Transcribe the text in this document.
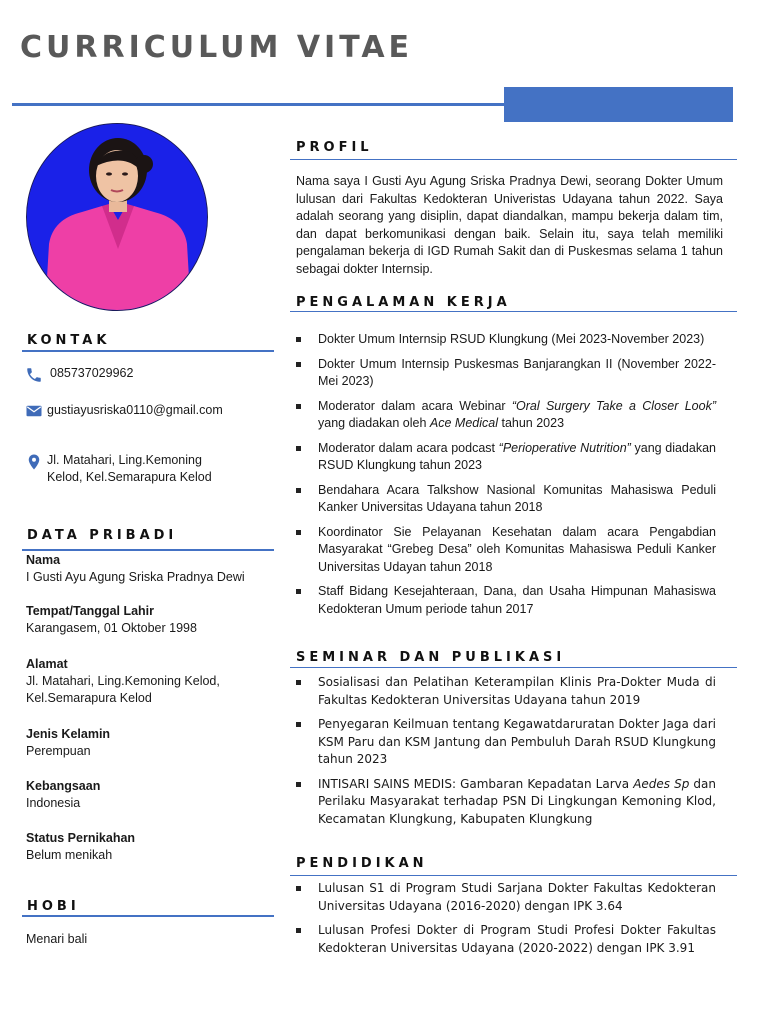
CURRICULUM VITAE
KONTAK
085737029962
gustiayusriska0110@gmail.com
Jl. Matahari, Ling.Kemoning
Kelod, Kel.Semarapura Kelod
DATA PRIBADI
Nama
I Gusti Ayu Agung Sriska Pradnya Dewi
Tempat/Tanggal Lahir
Karangasem, 01 Oktober 1998
Alamat
Jl. Matahari, Ling.Kemoning Kelod,
Kel.Semarapura Kelod
Jenis Kelamin
Perempuan
Kebangsaan
Indonesia
Status Pernikahan
Belum menikah
HOBI
Menari bali
PROFIL

Nama saya I Gusti Ayu Agung Sriska Pradnya Dewi, seorang Dokter Umum lulusan dari Fakultas Kedokteran Univeristas Udayana tahun 2022. Saya adalah seorang yang disiplin, dapat diandalkan, mampu bekerja dalam tim, dan dapat berkomunikasi dengan baik. Selain itu, saya telah memiliki pengalaman bekerja di IGD Rumah Sakit dan di Puskesmas selama 1 tahun sebagai dokter Internsip.

PENGALAMAN KERJA
Dokter Umum Internsip RSUD Klungkung (Mei 2023-November 2023)
Dokter Umum Internsip Puskesmas Banjarangkan II (November 2022-Mei 2023)
Moderator dalam acara Webinar “Oral Surgery Take a Closer Look” yang diadakan oleh Ace Medical tahun 2023
Moderator dalam acara podcast “Perioperative Nutrition” yang diadakan RSUD Klungkung tahun 2023
Bendahara Acara Talkshow Nasional Komunitas Mahasiswa Peduli Kanker Universitas Udayana tahun 2018
Koordinator Sie Pelayanan Kesehatan dalam acara Pengabdian Masyarakat “Grebeg Desa” oleh Komunitas Mahasiswa Peduli Kanker Universitas Udayan tahun 2018
Staff Bidang Kesejahteraan, Dana, dan Usaha Himpunan Mahasiswa Kedokteran Umum periode tahun 2017
SEMINAR DAN PUBLIKASI
Sosialisasi dan Pelatihan Keterampilan Klinis Pra-Dokter Muda di Fakultas Kedokteran Universitas Udayana tahun 2019
Penyegaran Keilmuan tentang Kegawatdaruratan Dokter Jaga dari KSM Paru dan KSM Jantung dan Pembuluh Darah RSUD Klungkung tahun 2023
INTISARI SAINS MEDIS: Gambaran Kepadatan Larva Aedes Sp dan Perilaku Masyarakat terhadap PSN Di Lingkungan Kemoning Klod, Kecamatan Klungkung, Kabupaten Klungkung
PENDIDIKAN
Lulusan S1 di Program Studi Sarjana Dokter Fakultas Kedokteran Universitas Udayana (2016-2020) dengan IPK 3.64
Lulusan Profesi Dokter di Program Studi Profesi Dokter Fakultas Kedokteran Universitas Udayana (2020-2022) dengan IPK 3.91
